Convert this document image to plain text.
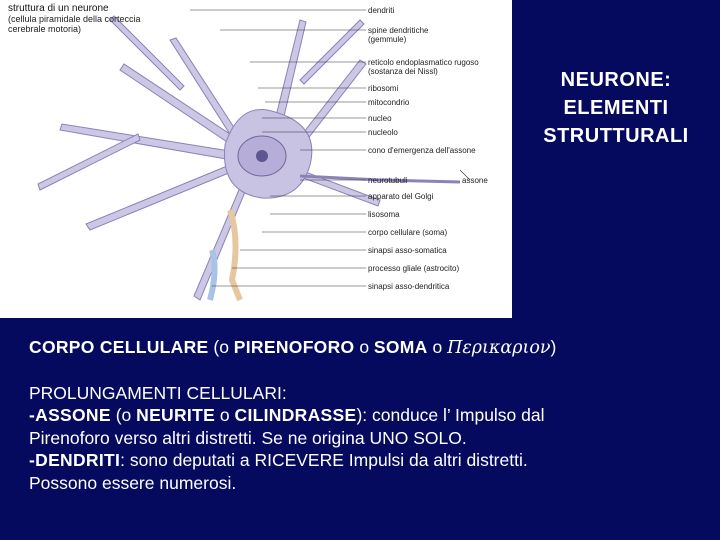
struttura di un neurone
(cellula piramidale della corteccia cerebrale motoria)
dendriti
spine dendritiche
(gemmule)
reticolo endoplasmatico rugoso
(sostanza dei Nissl)
ribosomi
mitocondrio
nucleo
nucleolo
cono d'emergenza dell'assone
neurotubuli
apparato del Golgi
lisosoma
corpo cellulare (soma)
sinapsi asso-somatica
processo gliale (astrocito)
sinapsi asso-dendritica
assone
NEURONE:
ELEMENTI
STRUTTURALI
CORPO CELLULARE (o PIRENOFORO o SOMA o Περικαριον)
PROLUNGAMENTI CELLULARI:
-ASSONE (o NEURITE o CILINDRASSE): conduce l’ Impulso dal
Pirenoforo verso altri distretti. Se ne origina UNO SOLO.
-DENDRITI: sono deputati a RICEVERE Impulsi da altri distretti.
Possono essere numerosi.
